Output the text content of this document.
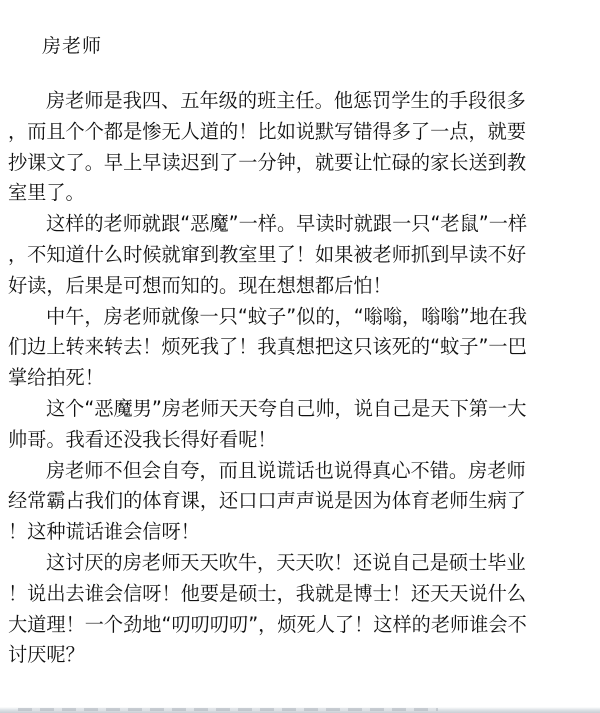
房老师
房老师是我四、五年级的班主任。他惩罚学生的手段很多
，而且个个都是惨无人道的！比如说默写错得多了一点，就要
抄课文了。早上早读迟到了一分钟，就要让忙碌的家长送到教
室里了。
这样的老师就跟“恶魔”一样。早读时就跟一只“老鼠”一样
，不知道什么时候就窜到教室里了！如果被老师抓到早读不好
好读，后果是可想而知的。现在想想都后怕！
中午，房老师就像一只“蚊子”似的，“嗡嗡，嗡嗡”地在我
们边上转来转去！烦死我了！我真想把这只该死的“蚊子”一巴
掌给拍死！
这个“恶魔男”房老师天天夸自己帅，说自己是天下第一大
帅哥。我看还没我长得好看呢！
房老师不但会自夸，而且说谎话也说得真心不错。房老师
经常霸占我们的体育课，还口口声声说是因为体育老师生病了
！这种谎话谁会信呀！
这讨厌的房老师天天吹牛，天天吹！还说自己是硕士毕业
！说出去谁会信呀！他要是硕士，我就是博士！还天天说什么
大道理！一个劲地“叨叨叨叨”，烦死人了！这样的老师谁会不
讨厌呢？
